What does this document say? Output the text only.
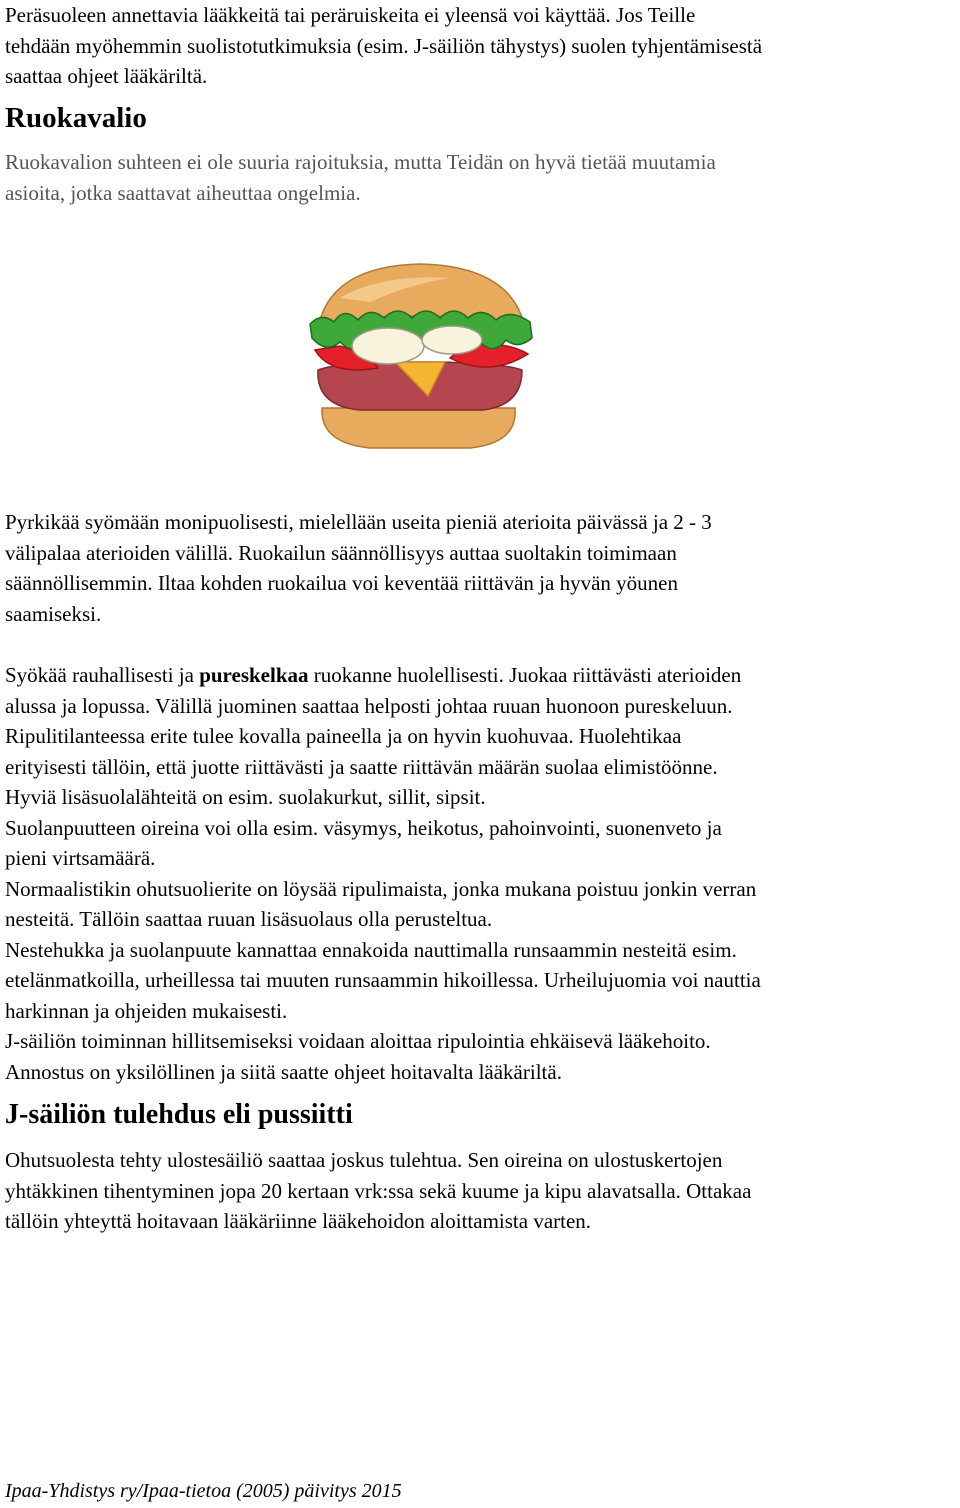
Peräsuoleen annettavia lääkkeitä tai peräruiskeita ei yleensä voi käyttää. Jos Teille
tehdään myöhemmin suolistotutkimuksia (esim. J-säiliön tähystys) suolen tyhjentämisestä
saattaa ohjeet lääkäriltä.

Ruokavalio

Ruokavalion suhteen ei ole suuria rajoituksia, mutta Teidän on hyvä tietää muutamia
asioita, jotka saattavat aiheuttaa ongelmia.

Pyrkikää syömään monipuolisesti, mielellään useita pieniä aterioita päivässä ja 2 - 3
välipalaa aterioiden välillä. Ruokailun säännöllisyys auttaa suoltakin toimimaan
säännöllisemmin. Iltaa kohden ruokailua voi keventää riittävän ja hyvän yöunen
saamiseksi.

Syökää rauhallisesti ja pureskelkaa ruokanne huolellisesti. Juokaa riittävästi aterioiden
alussa ja lopussa. Välillä juominen saattaa helposti johtaa ruuan huonoon pureskeluun.
Ripulitilanteessa erite tulee kovalla paineella ja on hyvin kuohuvaa. Huolehtikaa
erityisesti tällöin, että juotte riittävästi ja saatte riittävän määrän suolaa elimistöönne.
Hyviä lisäsuolalähteitä on esim. suolakurkut, sillit, sipsit.
Suolanpuutteen oireina voi olla esim. väsymys, heikotus, pahoinvointi, suonenveto ja
pieni virtsamäärä.
Normaalistikin ohutsuolierite on löysää ripulimaista, jonka mukana poistuu jonkin verran
nesteitä. Tällöin saattaa ruuan lisäsuolaus olla perusteltua.
Nestehukka ja suolanpuute kannattaa ennakoida nauttimalla runsaammin nesteitä esim.
etelänmatkoilla, urheillessa tai muuten runsaammin hikoillessa. Urheilujuomia voi nauttia
harkinnan ja ohjeiden mukaisesti.
J-säiliön toiminnan hillitsemiseksi voidaan aloittaa ripulointia ehkäisevä lääkehoito.
Annostus on yksilöllinen ja siitä saatte ohjeet hoitavalta lääkäriltä.

J-säiliön tulehdus eli pussiitti

Ohutsuolesta tehty ulostesäiliö saattaa joskus tulehtua. Sen oireina on ulostuskertojen
yhtäkkinen tihentyminen jopa 20 kertaan vrk:ssa sekä kuume ja kipu alavatsalla. Ottakaa
tällöin yhteyttä hoitavaan lääkäriinne lääkehoidon aloittamista varten.

Ipaa-Yhdistys ry/Ipaa-tietoa (2005) päivitys 2015
